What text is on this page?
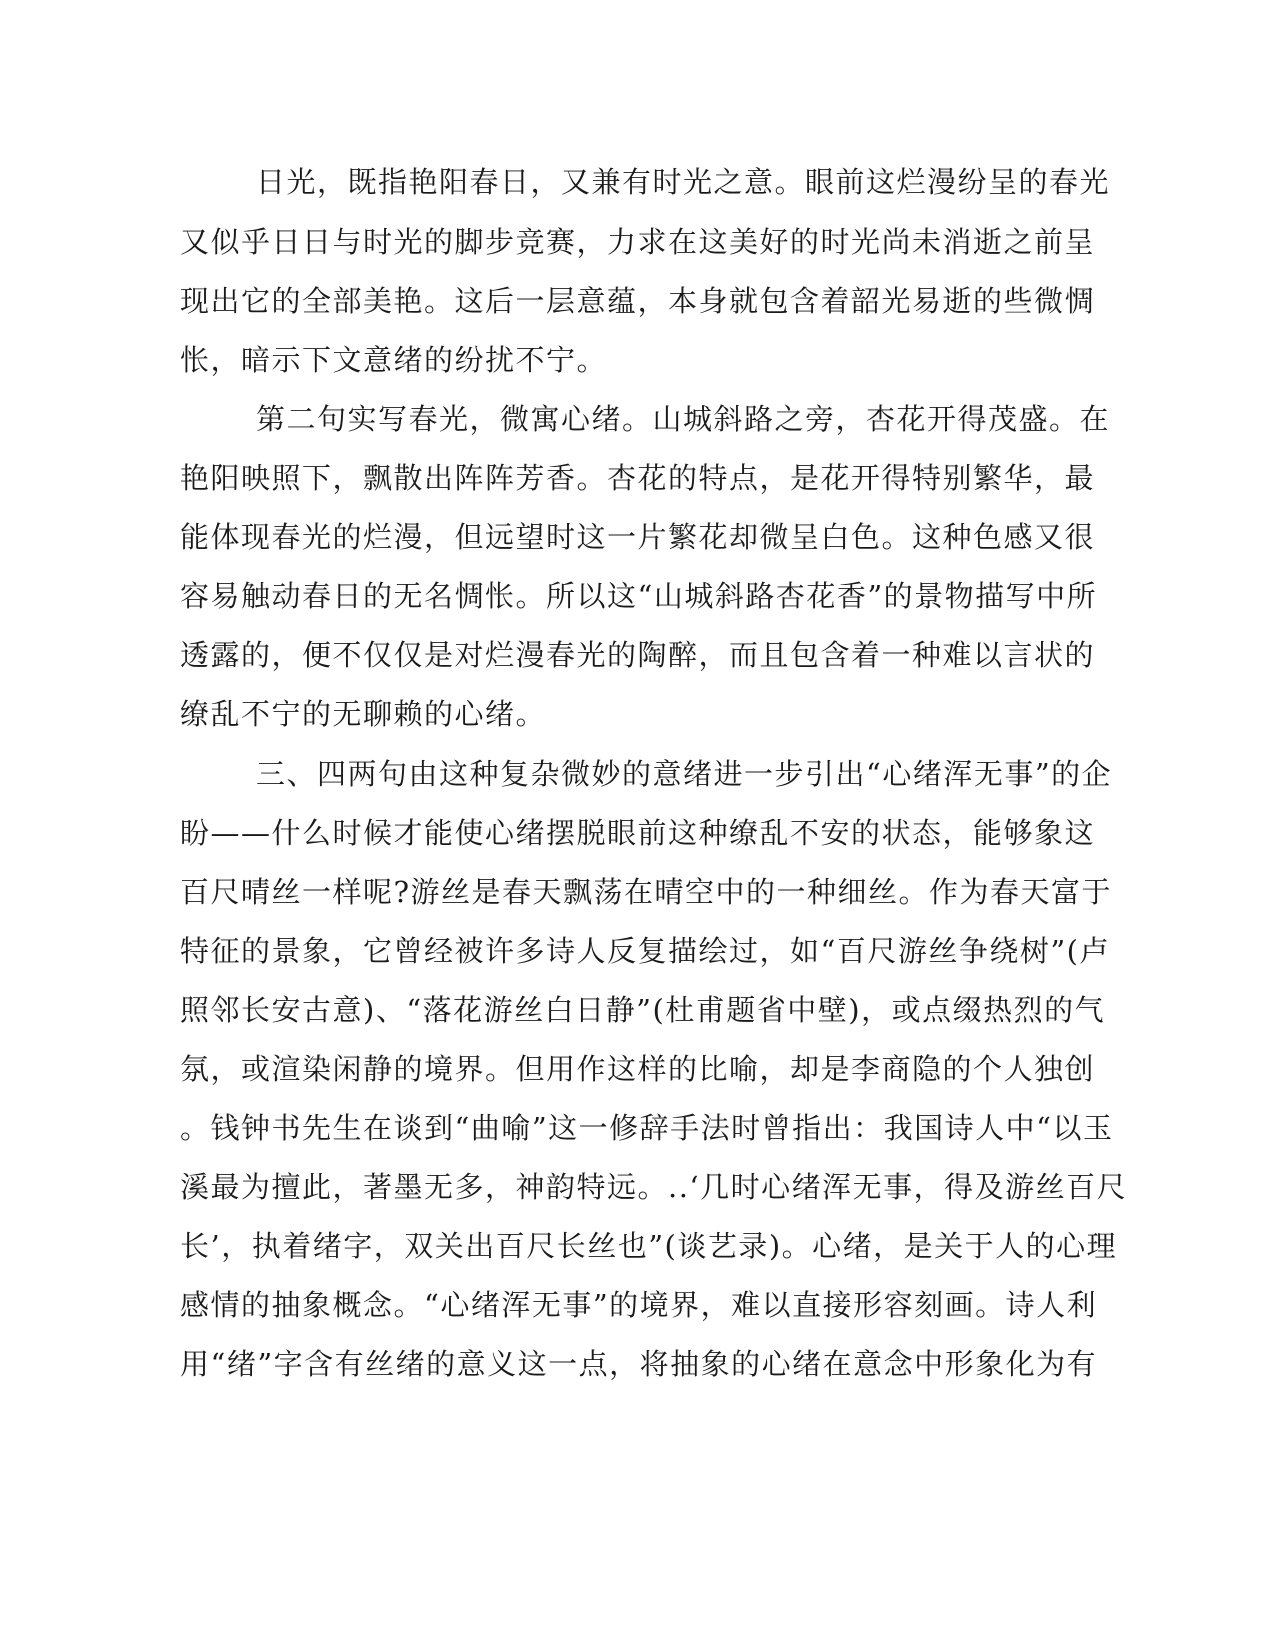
日光，既指艳阳春日，又兼有时光之意。眼前这烂漫纷呈的春光
又似乎日日与时光的脚步竞赛，力求在这美好的时光尚未消逝之前呈
现出它的全部美艳。这后一层意蕴，本身就包含着韶光易逝的些微惆
怅，暗示下文意绪的纷扰不宁。
第二句实写春光，微寓心绪。山城斜路之旁，杏花开得茂盛。在
艳阳映照下，飘散出阵阵芳香。杏花的特点，是花开得特别繁华，最
能体现春光的烂漫，但远望时这一片繁花却微呈白色。这种色感又很
容易触动春日的无名惆怅。所以这“山城斜路杏花香”的景物描写中所
透露的，便不仅仅是对烂漫春光的陶醉，而且包含着一种难以言状的
缭乱不宁的无聊赖的心绪。
三、四两句由这种复杂微妙的意绪进一步引出“心绪浑无事”的企
盼——什么时候才能使心绪摆脱眼前这种缭乱不安的状态，能够象这
百尺晴丝一样呢?游丝是春天飘荡在晴空中的一种细丝。作为春天富于
特征的景象，它曾经被许多诗人反复描绘过，如“百尺游丝争绕树”(卢
照邻长安古意)、“落花游丝白日静”(杜甫题省中壁)，或点缀热烈的气
氛，或渲染闲静的境界。但用作这样的比喻，却是李商隐的个人独创
。钱钟书先生在谈到“曲喻”这一修辞手法时曾指出：我国诗人中“以玉
溪最为擅此，著墨无多，神韵特远。..‘几时心绪浑无事，得及游丝百尺
长’，执着绪字，双关出百尺长丝也”(谈艺录)。心绪，是关于人的心理
感情的抽象概念。“心绪浑无事”的境界，难以直接形容刻画。诗人利
用“绪”字含有丝绪的意义这一点，将抽象的心绪在意念中形象化为有
